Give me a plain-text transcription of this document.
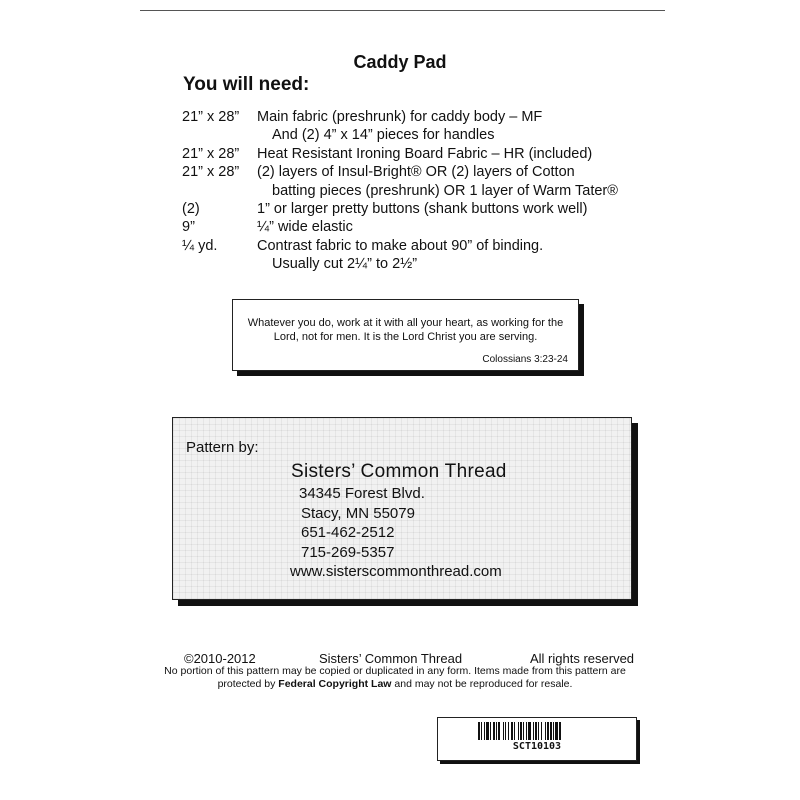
Caddy Pad
You will need:
21” x 28” Main fabric (preshrunk) for caddy body – MF
And (2) 4” x 14” pieces for handles
21” x 28” Heat Resistant Ironing Board Fabric – HR (included)
21” x 28” (2) layers of Insul-Bright® OR (2) layers of Cotton
batting pieces (preshrunk) OR 1 layer of Warm Tater®
(2)	1” or larger pretty buttons (shank buttons work well)
9”	¼” wide elastic
¼ yd.	Contrast fabric to make about 90” of binding.
Usually cut 2¼” to 2½”
Whatever you do, work at it with all your heart, as working for the Lord, not for men. It is the Lord Christ you are serving.
Colossians 3:23-24
Pattern by:
Sisters’ Common Thread
34345 Forest Blvd.
Stacy, MN 55079
651-462-2512
715-269-5357
www.sisterscommonthread.com
©2010-2012	Sisters’ Common Thread	All rights reserved
No portion of this pattern may be copied or duplicated in any form. Items made from this pattern are protected by Federal Copyright Law and may not be reproduced for resale.
SCT10103
